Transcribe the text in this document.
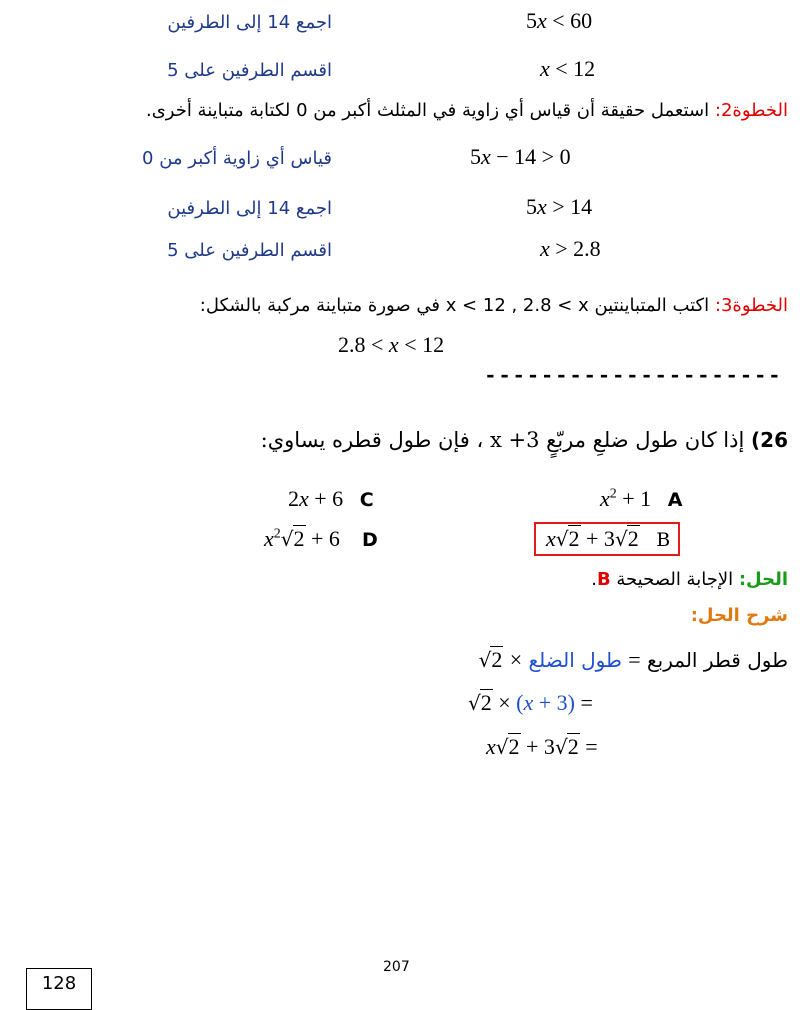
اجمع 14 إلى الطرفين	5x < 60
اقسم الطرفين على 5	x < 12
الخطوة2: استعمل حقيقة أن قياس أي زاوية في المثلث أكبر من 0 لكتابة متباينة أخرى.
قياس أي زاوية أكبر من 0	5x − 14 > 0
اجمع 14 إلى الطرفين	5x > 14
اقسم الطرفين على 5	x > 2.8
الخطوة3: اكتب المتباينتين x < 12 , 2.8 < x في صورة متباينة مركبة بالشكل:
2.8 < x < 12
---------------------
26) إذا كان طول ضلعِ مربّعٍ x +3 ، فإن طول قطره يساوي:
2x + 6   C	$x^2 + 1$   A
$x^2√2 + 6$    D	x√2 + 3√2 B
الحل: الإجابة الصحيحة B.
شرح الحل:
طول قطر المربع = طول الضلع × √2
√2 × (x + 3) =
x√2 + 3√2 =
207
128
